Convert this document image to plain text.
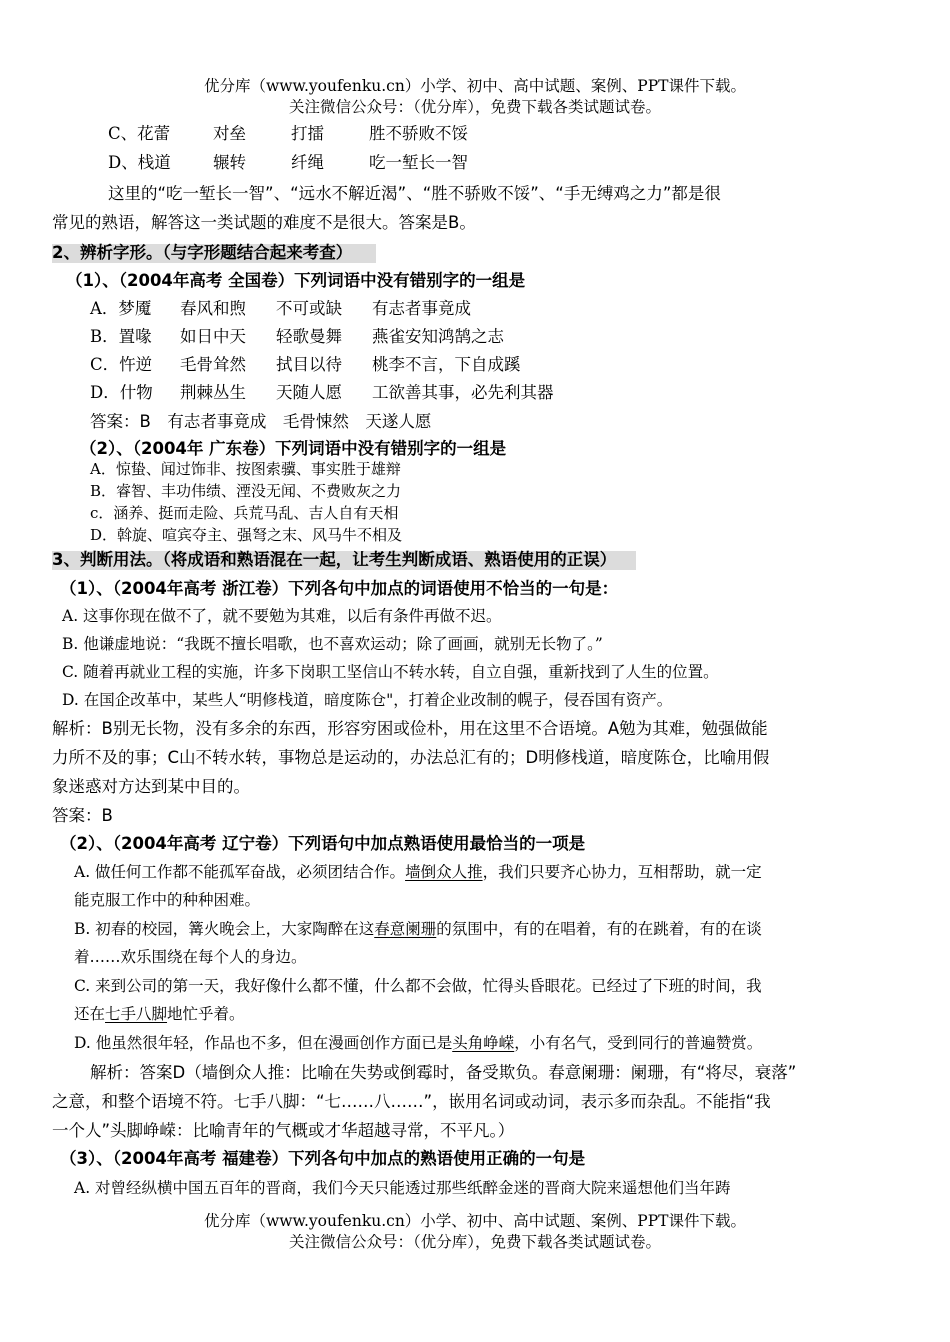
优分库（www.youfenku.cn）小学、初中、高中试题、案例、PPT课件下载。
关注微信公众号：（优分库），免费下载各类试题试卷。
C、花蕾	对垒	打擂	胜不骄败不馁
D、栈道	辗转	纤绳	吃一堑长一智
这里的“吃一堑长一智”、“远水不解近渴”、“胜不骄败不馁”、“手无缚鸡之力”都是很
常见的熟语，解答这一类试题的难度不是很大。答案是B。
2、辨析字形。（与字形题结合起来考查）
（1）、（2004年高考 全国卷）下列词语中没有错别字的一组是
A．梦魇 春风和煦 不可或缺 有志者事竟成
B．置喙 如日中天 轻歌曼舞 燕雀安知鸿鹄之志
C．忤逆 毛骨耸然 拭目以待 桃李不言，下自成蹊
D．什物 荆棘丛生 天随人愿 工欲善其事，必先利其器
答案：B　有志者事竟成　毛骨悚然　天遂人愿
（2）、（2004年 广东卷）下列词语中没有错别字的一组是
A．惊蛰、闻过饰非、按图索骥、事实胜于雄辩
B．睿智、丰功伟绩、湮没无闻、不费败灰之力
c．涵养、挺而走险、兵荒马乱、吉人自有天相
D．斡旋、喧宾夺主、强弩之末、风马牛不相及
3、判断用法。（将成语和熟语混在一起，让考生判断成语、熟语使用的正误）
（1）、（2004年高考 浙江卷）下列各句中加点的词语使用不恰当的一句是：
A. 这事你现在做不了，就不要勉为其难，以后有条件再做不迟。
B. 他谦虚地说：“我既不擅长唱歌，也不喜欢运动；除了画画，就别无长物了。”
C. 随着再就业工程的实施，许多下岗职工坚信山不转水转，自立自强，重新找到了人生的位置。
D. 在国企改革中，某些人“明修栈道，暗度陈仓"，打着企业改制的幌子，侵吞国有资产。
解析：B别无长物，没有多余的东西，形容穷困或俭朴，用在这里不合语境。A勉为其难，勉强做能
力所不及的事；C山不转水转，事物总是运动的，办法总汇有的；D明修栈道，暗度陈仓，比喻用假
象迷惑对方达到某中目的。
答案：B
（2）、（2004年高考 辽宁卷）下列语句中加点熟语使用最恰当的一项是
A. 做任何工作都不能孤军奋战，必须团结合作。墙倒众人推，我们只要齐心协力，互相帮助，就一定
能克服工作中的种种困难。
B. 初春的校园，篝火晚会上，大家陶醉在这春意阑珊的氛围中，有的在唱着，有的在跳着，有的在谈
着……欢乐围绕在每个人的身边。
C. 来到公司的第一天，我好像什么都不懂，什么都不会做，忙得头昏眼花。已经过了下班的时间，我
还在七手八脚地忙乎着。
D. 他虽然很年轻，作品也不多，但在漫画创作方面已是头角峥嵘，小有名气，受到同行的普遍赞赏。
解析：答案D（墙倒众人推：比喻在失势或倒霉时，备受欺负。春意阑珊：阑珊，有“将尽，衰落”
之意，和整个语境不符。七手八脚：“七……八……”，嵌用名词或动词，表示多而杂乱。不能指“我
一个人”头脚峥嵘：比喻青年的气概或才华超越寻常，不平凡。）
（3）、（2004年高考 福建卷）下列各句中加点的熟语使用正确的一句是
A. 对曾经纵横中国五百年的晋商，我们今天只能透过那些纸醉金迷的晋商大院来遥想他们当年踌
优分库（www.youfenku.cn）小学、初中、高中试题、案例、PPT课件下载。
关注微信公众号：（优分库），免费下载各类试题试卷。
